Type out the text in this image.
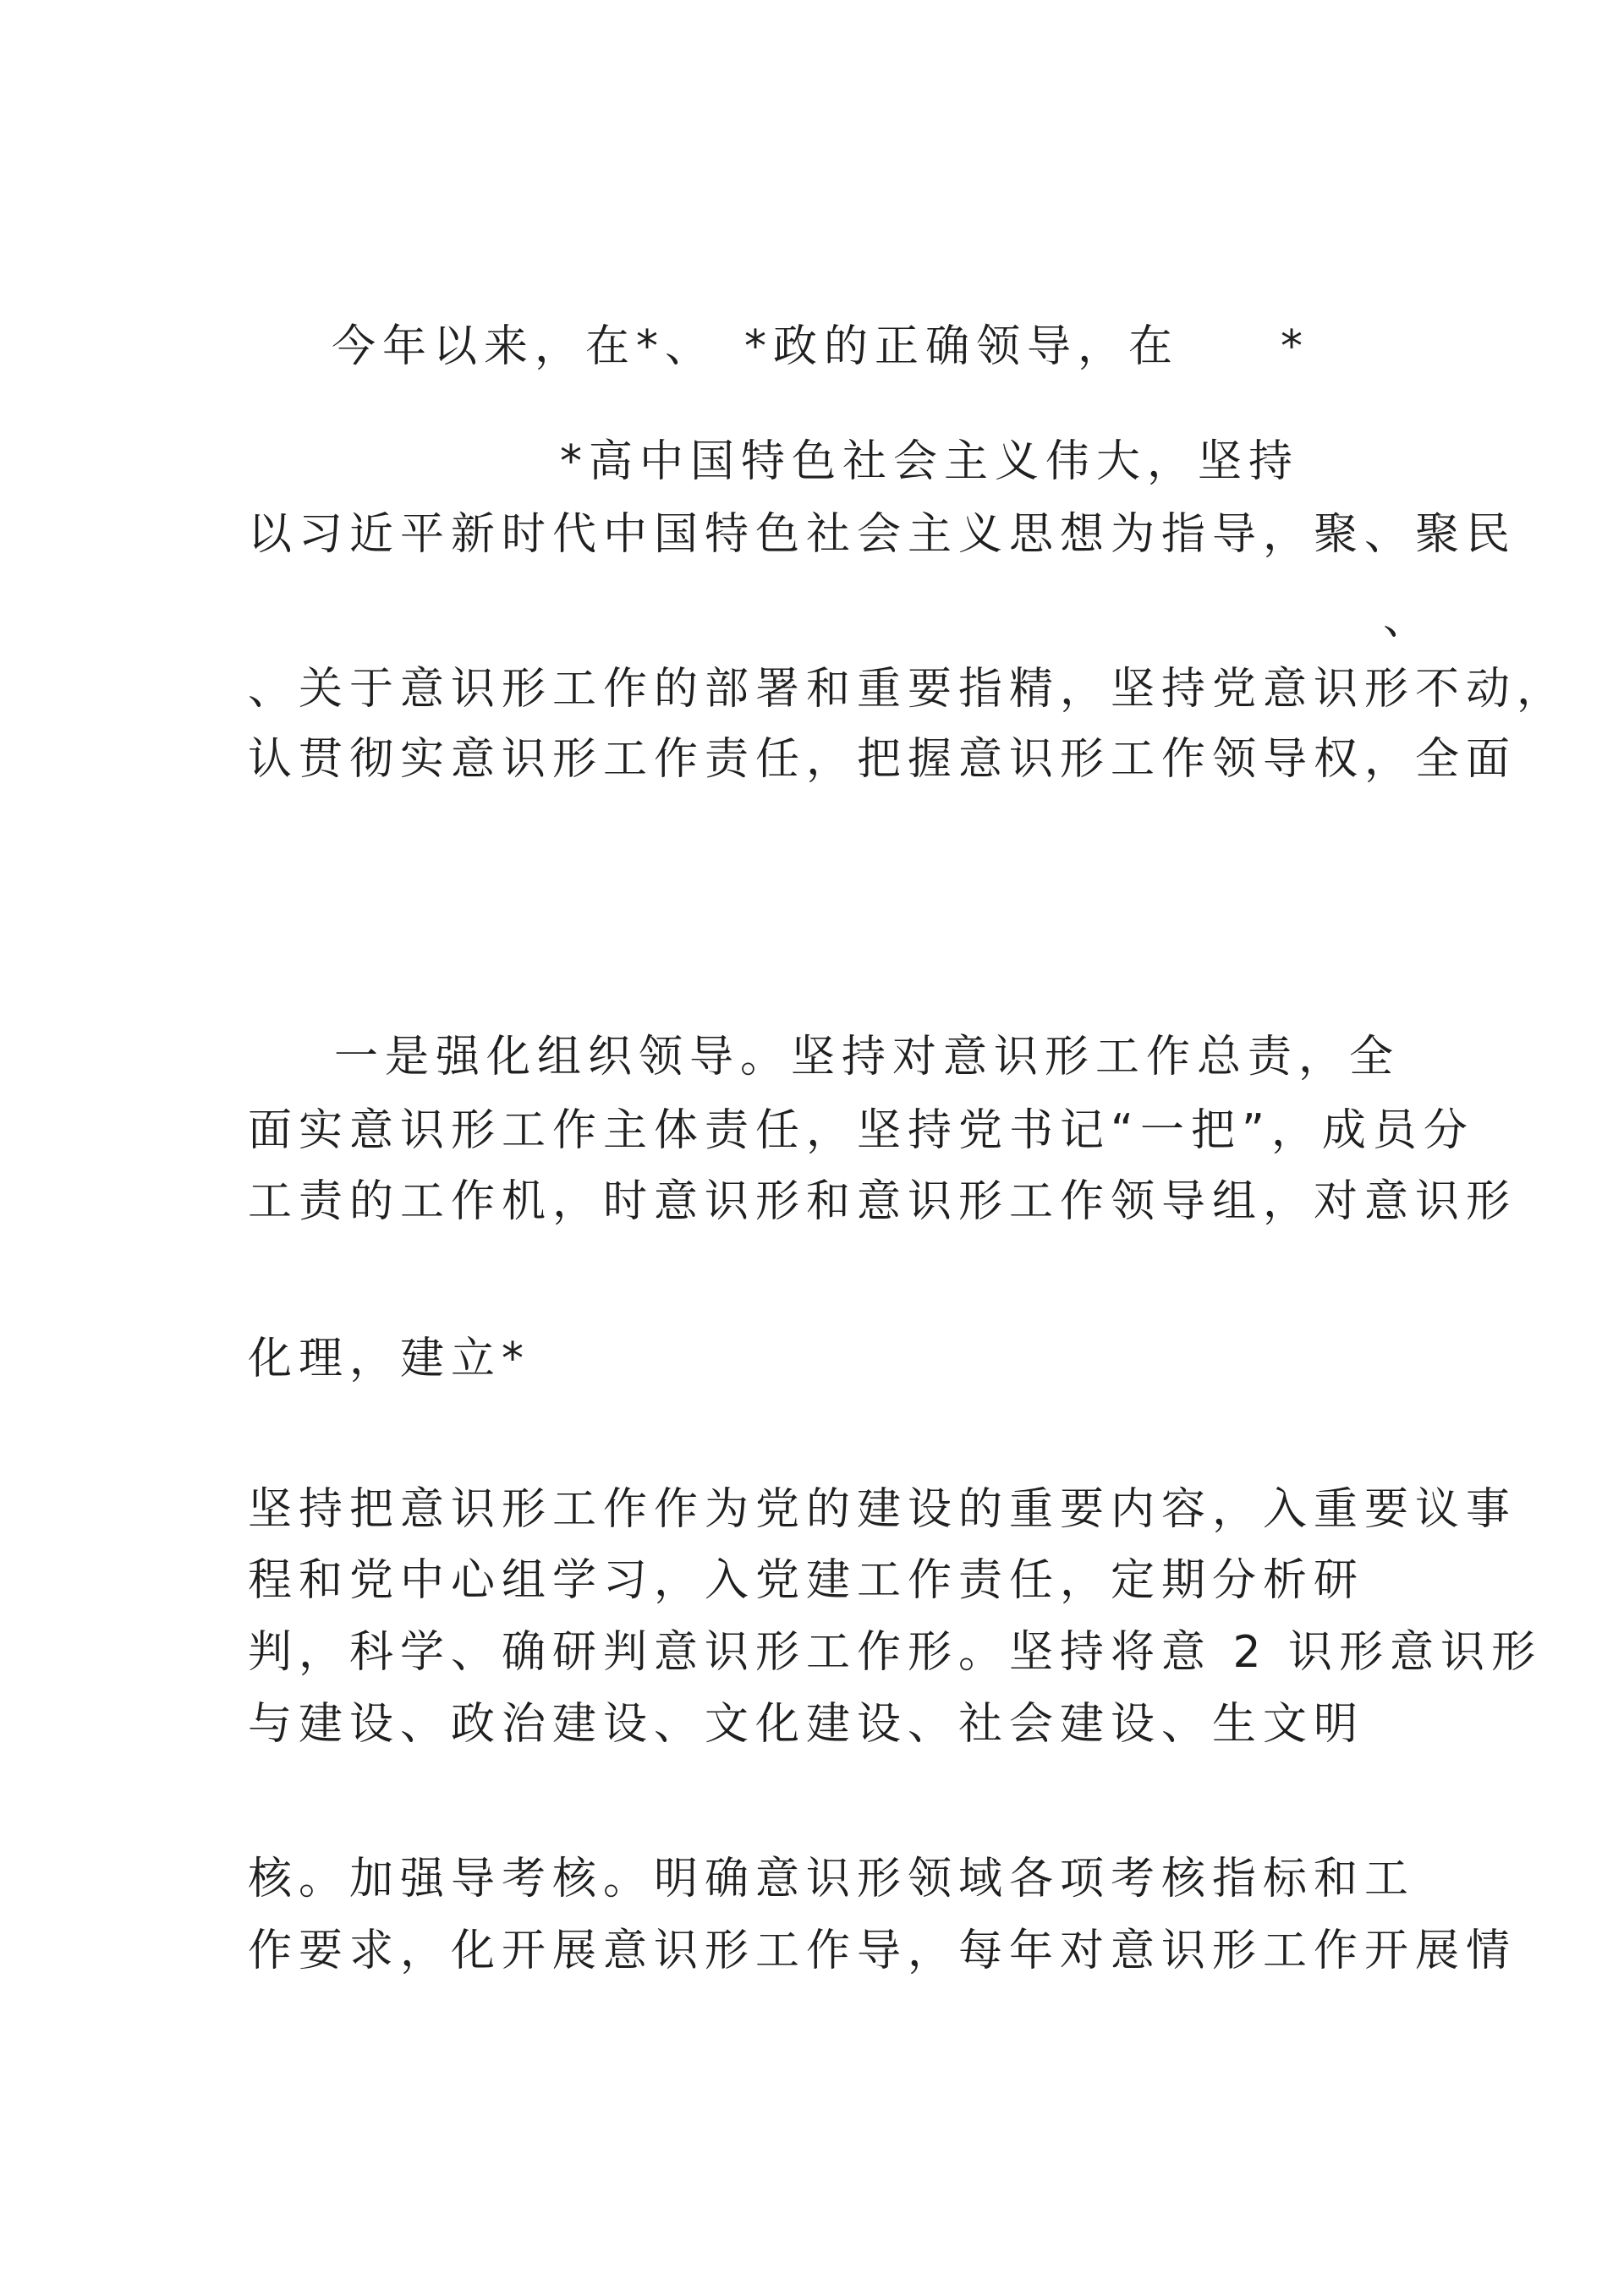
今年以来，在*、　*政的正确领导，在　　*

*高中国特色社会主义伟大，坚持

以习近平新时代中国特色社会主义思想为指导，聚、聚民

、

、关于意识形工作的部署和重要指精，坚持党意识形不动，

认贯彻实意识形工作责任，把握意识形工作领导权，全面

一是强化组织领导。坚持对意识形工作总责，全

面实意识形工作主体责任，坚持党书记“一把”，成员分

工责的工作机，时意识形和意识形工作领导组，对意识形

化理，建立*

坚持把意识形工作作为党的建设的重要内容，入重要议事

程和党中心组学习，入党建工作责任，定期分析研

判，科学、确研判意识形工作形。坚持将意 2 识形意识形

与建设、政治建设、文化建设、社会建设、生文明

核。加强导考核。明确意识形领域各项考核指标和工

作要求，化开展意识形工作导，每年对意识形工作开展情
